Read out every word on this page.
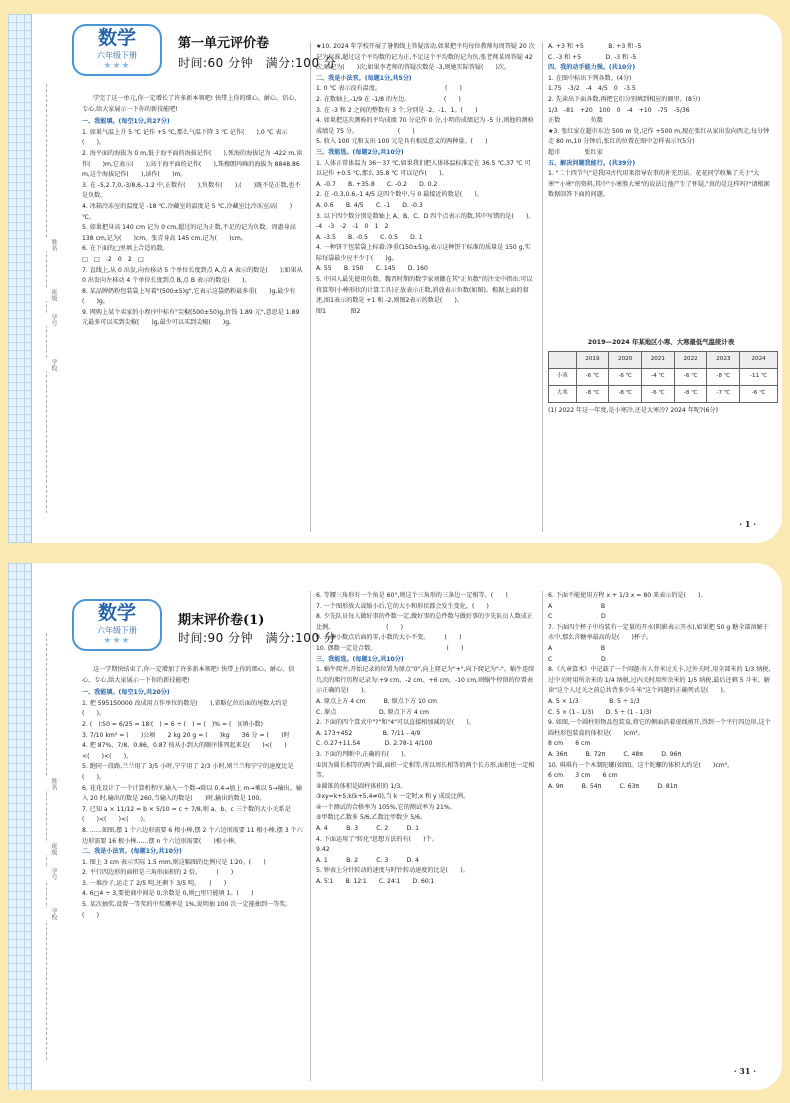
姓名
班级
学号
学校
数学
六年级下册
★★★
第一单元评价卷
时间:60 分钟　满分:100 分

学完了这一单元,你一定增长了许多新本领吧! 快带上你的细心、耐心、信心、专心,给大家展示一下你的新技能吧!

一、我能填。(每空1分,共27分)

1. 如果气温上升 5 ℃ 记作 +5 ℃,那么气温下降 3 ℃ 记作(　　),0 ℃ 表示(　　)。

2. 海平面的海拔为 0 m,低于海平面的海拔记作(　　),死海的海拔记为 -422 m,读作(　　)m,它表示(　　);高于海平面的记作(　　),珠穆朗玛峰的海拔为 8848.86 m,这个海拔记作(　　),读作(　　)m。

3. 在 -5,2.7,0,-3/8,6,-1.2 中,正数有(　　),负数有(　　),(　　)既不是正数,也不是负数。

4. 冰箱冷冻室的温度是 -18 ℃,冷藏室的温度是 5 ℃,冷藏室比冷冻室高(　　)℃。

5. 如果把身高 140 cm 记为 0 cm,超过的记为正数,不足的记为负数。周惠身高 138 cm,记为(　　)cm。张青身高 145 cm,记为(　　)cm。

6. 在下面的□里填上合适的数。

□　□　-2　0　2　□

7. 直线上,从 0 出发,向右移动 5 个单位长度到点 A,点 A 表示的数是(　　);如果从 0 出发向左移动 4 个单位长度到点 B,点 B 表示的数是(　　)。

8. 某品牌奶粉包装袋上写着"(500±5)g",它表示这袋奶粉最多重(　　)g,最少有(　　)g。

9. 网购上某个卖家的小程序中标有"尖椒(500±50)g,价钱 1.89 元",意思是 1.89 元最多可以买到尖椒(　　)g,最少可以买到尖椒(　　)g。

★10. 2024 年学校开展了暑假线上答疑活动,如果把平均每位教师每周答疑 20 次记为标准,超过这个平均数的记为正,不足这个平均数的记为负,张老师某周答疑 42 次,则记为(　　)次;如果李老师的答疑次数是 -3,则她实际答疑(　　)次。

二、我是小法官。(每题1分,共5分)

1. 0 ℃ 表示没有温度。　　　　　　　　　　　(　　)

2. 在数轴上,-1/9 在 -1/8 的左边。　　　　　　(　　)

3. 在 -3 和 2 之间的整数有 3 个,分别是 -2、-1、1。(　　)

4. 如果把这次测验的平均成绩 70 分记作 0 分,小明的成绩记为 -5 分,则他的测验成绩是 75 分。　　　　　　　(　　)

5. 收入 100 元和支出 100 元是具有相反意义的两种量。(　　)

三、我能选。(每题2分,共10分)

1. 人体正常体温为 36～37 ℃,如果我们把人体体温标准定在 36.5 ℃,37 ℃ 可以记作 +0.5 ℃,那么 35.8 ℃ 可以记作(　　)。

A. -0.7　　B. +35.8　　C. -0.2　　D. 0.2

2. 在 -0.3,0.6,-1 4/5 这四个数中,与 0 最接近的数是(　　)。

A. 0.6　　B. 4/5　　C. -1　　D. -0.3

3. 以下四个数分别是数轴上 A、B、C、D 四个点表示的数,其中写错的是(　　)。

-4　-3　-2　-1　0　1　2

A. -3.5　　B. -0.5　　C. 0.5　　D. 1

4. 一种饼干包装袋上标着:净重(150±5)g,表示这种饼干标准的质量是 150 g,实际每袋最少应不少于(　　)g。

A. 55　　B. 150　　C. 145　　D. 160

5. 中国人最先使用负数。魏晋时期的数学家刘徽在其"正负数"的注文中指出:可以将算筹(小棒形状的计算工具)正放表示正数,斜放表示负数(如图)。根据上面的叙述,图1表示的数是 +1 和 -2,则图2表示的数是(　　)。

图1　　　　图2

A. +3 和 +5　　　　B. +3 和 -5

C. -3 和 +5　　　　D. -3 和 -5

四、我的动手能力强。(共10分)

1. 在图中标出下列各数。(4分)

1.75　-3/2　-4　4/5　0　-3.5

2. 先读出下面各数,再把它们分别填到相应的圈里。(8分)

1/3　-81　+20　100　0　-4　+10　-75　-5/36

正数　　　　　负数

★3. 张红家在超市东边 500 m 处,记作 +500 m,现在张红从家出发向西走,每分钟走 80 m,10 分钟后,张红的位置在图中怎样表示?(5分)

超市　　　　张红家

五、解决问题我能行。(共39分)

1. "二十四节气"是我国古代用来指导农事的补充历法。花花同学收集了关于"大寒""小寒"的资料,其中"小寒胜大寒"的说法让他产生了怀疑,"真的是这样吗?"请根据数据回答下面的问题。

2019—2024 年某地区小寒、大寒最低气温统计表
	2019	2020	2021	2022	2023	2024
小寒	-6 ℃	-6 ℃	-4 ℃	-6 ℃	-8 ℃	-11 ℃
大寒	-8 ℃	-8 ℃	-6 ℃	-8 ℃	-7 ℃	-6 ℃

(1) 2022 年这一年度,是小寒冷,还是大寒冷? 2024 年呢?(6分)

· 1 ·
姓名
班级
学号
学校
数学
六年级下册
★★★
期末评价卷(1)
时间:90 分钟　满分:100 分

这一学期快结束了,你一定增加了许多新本领吧! 快带上你的细心、耐心、信心、专心,给大家展示一下你的新技能吧!

一、我能填。(每空1分,共20分)

1. 把 595150000 改成用万作单位的数是(　　),省略亿位后面的尾数大约是(　　)。

2. (　)∶50 = 6/25 = 18∶(　) = 6 ÷ (　) = (　)% = (　)(填小数)

3. 7/10 km² = (　　)公顷　　2 kg 20 g = (　　)kg　　36 分 = (　　)时

4. 把 87%、7/8、0.86、0.87 按从小到大的顺序排列起来是(　　)<(　　)<(　　)<(　　)。

5. 跑同一段路,兰兰用了 3/5 小时,宁宁用了 2/3 小时,则兰兰和宁宁的速度比是(　　)。

6. 花花设计了一个计算机程序,输入一个数→除以 0.4→加上 m→乘以 5→输出。输入 20 时,输出的数是 260,当输入的数是(　　)时,输出的数是 100。

7. 已知 a × 11/12 = b × 5/10 = c ÷ 7/8,则 a、b、c 三个数的大小关系是(　　)<(　　)<(　　)。

8. ……如图,摆 1 个六边形需要 6 根小棒,摆 2 个六边形需要 11 根小棒,摆 3 个六边形需要 16 根小棒……摆 n 个六边形需要(　　)根小棒。

二、我是小法官。(每题1分,共10分)

1. 图上 3 cm 表示实际 1.5 mm,则这幅图的比例尺是 1∶20。(　　)

2. 平行四边形的面积是三角形面积的 2 倍。　　　(　　)

3. 一堆沙子,运走了 2/5 吨,还剩下 3/5 吨。　　(　　)

4. 6□4 ÷ 3,要使商中间是 0,余数是 0,则□里只能填 1。(　　)

5. 某次抽奖,设置一等奖的中奖概率是 1%,说明抽 100 次一定能抽到一等奖。　　　　　　　　　　　　　(　　)

6. 等腰三角形有一个角是 60°,则这个三角形的三条边一定相等。(　　)

7. 一个图形放大或缩小后,它的大小和形状都会发生变化。(　　)

8. 少先队员每人做好事的件数一定,做好事的总件数与做好事的少先队员人数成正比例。　　　　　　　　　(　　)

9. 去掉小数点后面的零,小数的大小不变。　　　(　　)

10. 偶数一定是合数。　　　　　　　　　　　　(　　)

三、我能选。(每题1分,共10分)

1. 蜗牛爬井,开始记录的位置为原点"0",向上爬记为"+",向下爬记为"-"。蜗牛连续几次的爬行历程记录为:+9 cm、-2 cm、+6 cm、-10 cm,则蜗牛停留的位置表示正确的是(　　)。

A. 原点上方 4 cm　　　B. 原点下方 10 cm

C. 原点　　　　　　　D. 原点下方 4 cm

2. 下面的四个算式中"?"和"4"可以直接相加减的是(　　)。

A. 173+452　　　　　B. 7/11 - 4/9

C. 0.27+11.54　　　　D. 2.78-1 4/100

3. 下面的判断中,正确的有(　　)。

①因为圆长相等的两个圆,面积一定相等,所以周长相等的两个长方形,面积也一定相等。

②圆锥的体积是圆柱体积的 1/3。

③xy=k+5,k(k+5,4≠0),当 k 一定时,x 和 y 成反比例。

④一个测试的合格率为 105%,它的测试率为 21%。

⑤甲数比乙数多 5/6,乙数比甲数少 5/6。

A. 4　　　B. 3　　　C. 2　　　D. 1

4. 下面运用了"转化"思想方法的有(　　)个。

9.42

A. 1　　　B. 2　　　C. 3　　　D. 4

5. 钟表上分针转动的速度与时针转动速度的比是(　　)。

A. 5∶1　　B. 12∶1　　C. 24∶1　　D. 60∶1

6. 下面不能使用方程 x + 1/3 x = 80 来表示的是(　　)。

A　　　　　　　　B

C　　　　　　　　D

7. 下面四个杯子中均装有一定量的开水(阴影表示开水),如果把 50 g 糖全部溶解于水中,那么含糖率最高的是(　　)杯子。

A　　　　　　　　B

C　　　　　　　　D

8.《九章算术》中记载了一个问题:有人背米过关卡,过外关时,用全部米的 1/3 纳税,过中关时用所余米的 1/4 纳税,过内关时用所余米的 1/5 纳税,最后还剩 5 斗米。解读"这个人过关之前总共背多少斗米"这个问题的正确列式是(　　)。

A. 5 × 1/3　　　　　B. 5 ÷ 1/3

C. 5 × (1 - 1/3)　　D. 5 ÷ (1 - 1/3)

9. 如图,一个圆柱形物品包装盒,将它的侧面沿着虚线剪开,得到一个平行四边形,这个圆柱形包装盒的体积是(　　)cm³。

8 cm　　6 cm

A. 36π　　　B. 72π　　　C. 48π　　　D. 96π

10. 琪琪有一个木制陀螺(如图)。这个陀螺的体积大约是(　　)cm³。

6 cm　　3 cm　　6 cm

A. 9π　　　B. 54π　　　C. 63π　　　D. 81π

· 31 ·
